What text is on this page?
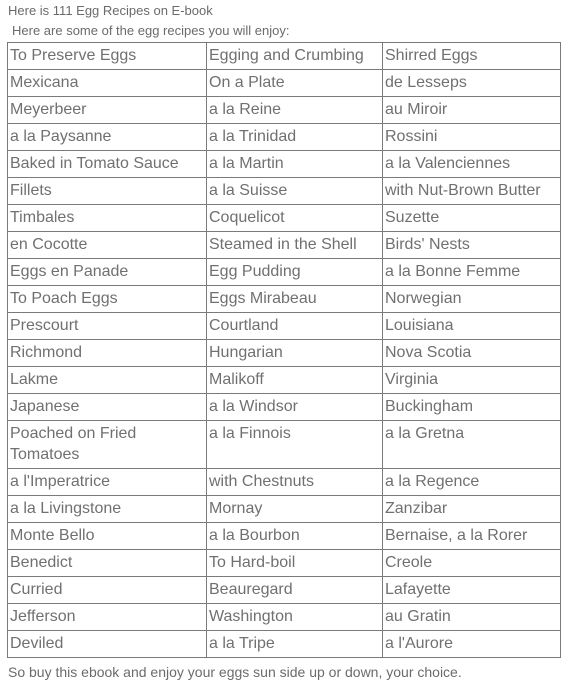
Here is 111 Egg Recipes on E-book
Here are some of the egg recipes you will enjoy:
To Preserve Eggs	Egging and Crumbing	Shirred Eggs
Mexicana	On a Plate	de Lesseps
Meyerbeer	a la Reine	au Miroir
a la Paysanne	a la Trinidad	Rossini
Baked in Tomato Sauce	a la Martin	a la Valenciennes
Fillets	a la Suisse	with Nut-Brown Butter
Timbales	Coquelicot	Suzette
en Cocotte	Steamed in the Shell	Birds' Nests
Eggs en Panade	Egg Pudding	a la Bonne Femme
To Poach Eggs	Eggs Mirabeau	Norwegian
Prescourt	Courtland	Louisiana
Richmond	Hungarian	Nova Scotia
Lakme	Malikoff	Virginia
Japanese	a la Windsor	Buckingham
Poached on Fried Tomatoes	a la Finnois	a la Gretna
a l'Imperatrice	with Chestnuts	a la Regence
a la Livingstone	Mornay	Zanzibar
Monte Bello	a la Bourbon	Bernaise, a la Rorer
Benedict	To Hard-boil	Creole
Curried	Beauregard	Lafayette
Jefferson	Washington	au Gratin
Deviled	a la Tripe	a l'Aurore
So buy this ebook and enjoy your eggs sun side up or down, your choice.
